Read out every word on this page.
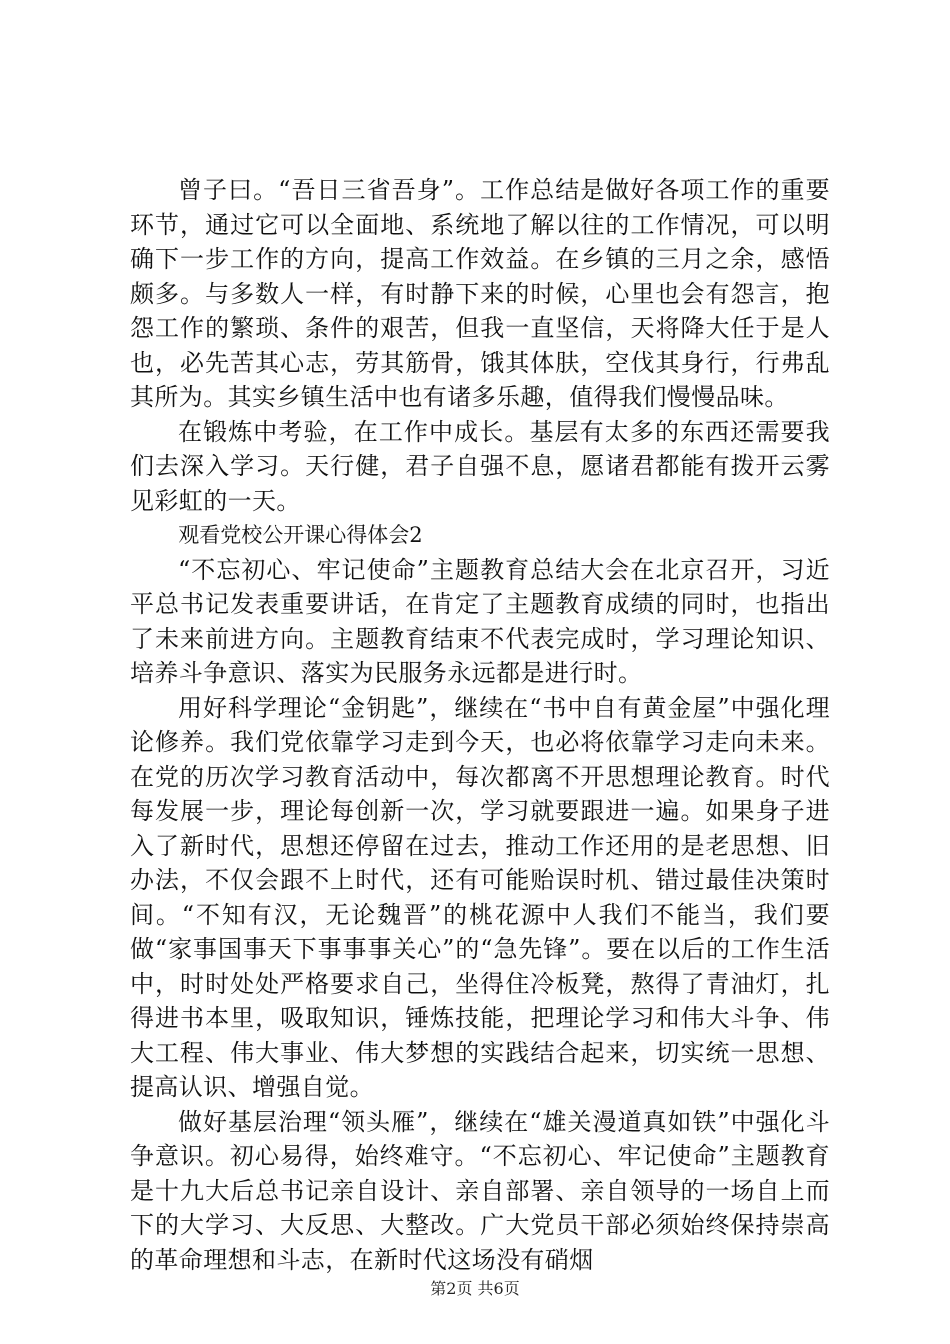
曾子曰。“吾日三省吾身”。工作总结是做好各项工作的重要环节，通过它可以全面地、系统地了解以往的工作情况，可以明确下一步工作的方向，提高工作效益。在乡镇的三月之余，感悟颇多。与多数人一样，有时静下来的时候，心里也会有怨言，抱怨工作的繁琐、条件的艰苦，但我一直坚信，天将降大任于是人也，必先苦其心志，劳其筋骨，饿其体肤，空伐其身行，行弗乱其所为。其实乡镇生活中也有诸多乐趣，值得我们慢慢品味。

在锻炼中考验，在工作中成长。基层有太多的东西还需要我们去深入学习。天行健，君子自强不息，愿诸君都能有拨开云雾见彩虹的一天。

观看党校公开课心得体会2

“不忘初心、牢记使命”主题教育总结大会在北京召开，习近平总书记发表重要讲话，在肯定了主题教育成绩的同时，也指出了未来前进方向。主题教育结束不代表完成时，学习理论知识、培养斗争意识、落实为民服务永远都是进行时。

用好科学理论“金钥匙”，继续在“书中自有黄金屋”中强化理论修养。我们党依靠学习走到今天，也必将依靠学习走向未来。在党的历次学习教育活动中，每次都离不开思想理论教育。时代每发展一步，理论每创新一次，学习就要跟进一遍。如果身子进入了新时代，思想还停留在过去，推动工作还用的是老思想、旧办法，不仅会跟不上时代，还有可能贻误时机、错过最佳决策时间。“不知有汉，无论魏晋”的桃花源中人我们不能当，我们要做“家事国事天下事事事关心”的“急先锋”。要在以后的工作生活中，时时处处严格要求自己，坐得住冷板凳，熬得了青油灯，扎得进书本里，吸取知识，锤炼技能，把理论学习和伟大斗争、伟大工程、伟大事业、伟大梦想的实践结合起来，切实统一思想、提高认识、增强自觉。

做好基层治理“领头雁”，继续在“雄关漫道真如铁”中强化斗争意识。初心易得，始终难守。“不忘初心、牢记使命”主题教育是十九大后总书记亲自设计、亲自部署、亲自领导的一场自上而下的大学习、大反思、大整改。广大党员干部必须始终保持崇高的革命理想和斗志，在新时代这场没有硝烟

第2页 共6页
